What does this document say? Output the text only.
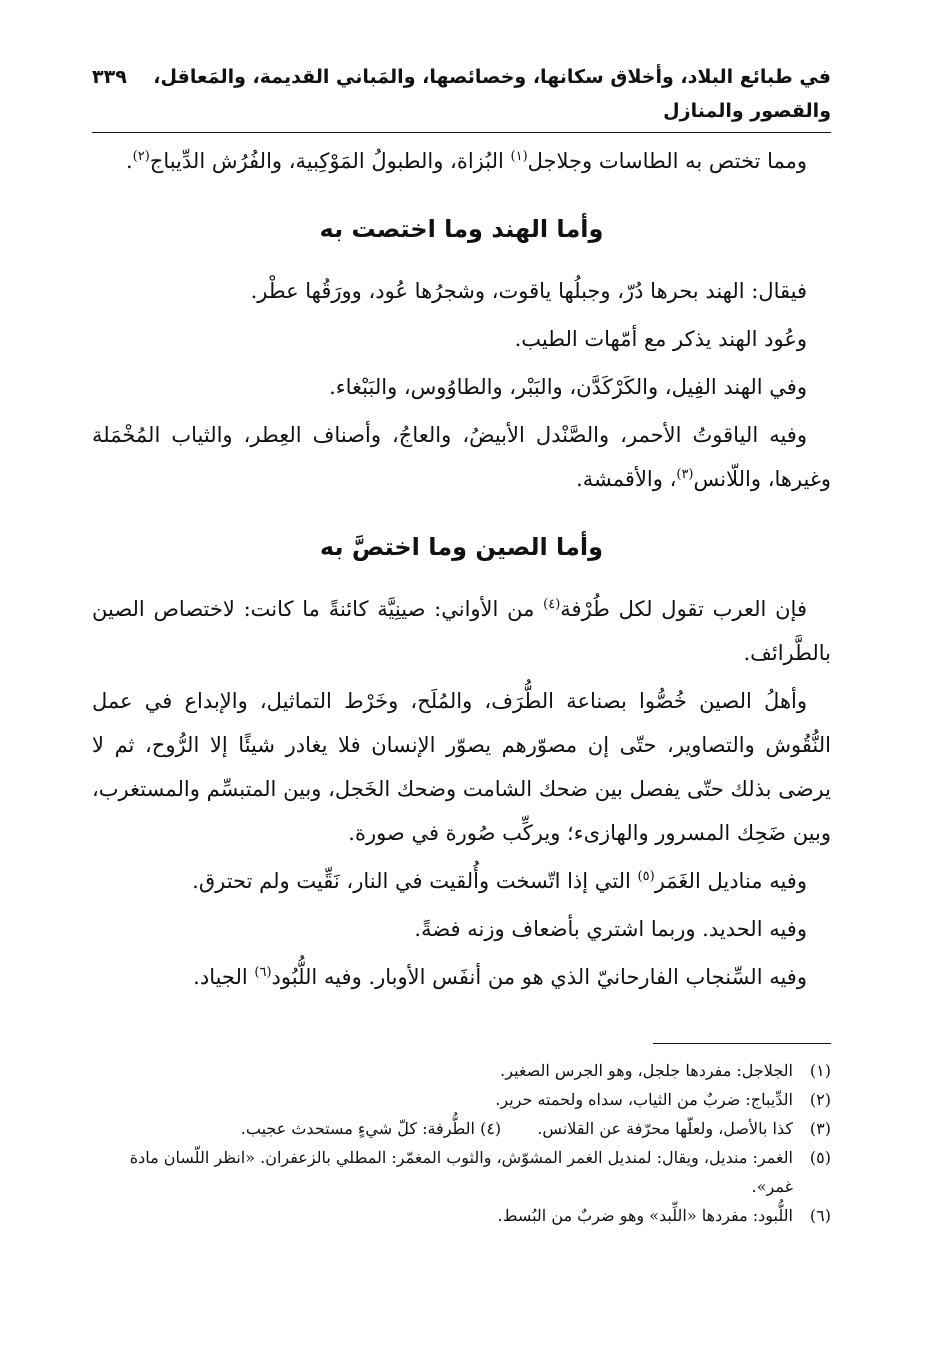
في طبائع البلاد، وأخلاق سكانها، وخصائصها، والمَباني القديمة، والمَعاقل، والقصور والمنازل
٣٣٩

ومما تختص به الطاسات وجلاجل$^{(١)}$ البُزاة، والطبولُ المَوْكِبية، والفُرُش الدِّيباج$^{(٢)}$.

وأما الهند وما اختصت به

فيقال: الهند بحرها دُرّ، وجبلُها ياقوت، وشجرُها عُود، وورَقُها عطْر.

وعُود الهند يذكر مع أمّهات الطيب.

وفي الهند الفِيل، والكَرْكَدَّن، والبَبْر، والطاوُوس، والبَبْغاء.

وفيه الياقوتُ الأحمر، والصَّنْدل الأبيضُ، والعاجُ، وأصناف العِطر، والثياب المُخْمَلة وغيرها، واللّانس$^{(٣)}$، والأقمشة.

وأما الصين وما اختصَّ به

فإن العرب تقول لكل طُرْفة$^{(٤)}$ من الأواني: صينِيَّة كائنةً ما كانت: لاختصاص الصين بالطَّرائف.

وأهلُ الصين خُصُّوا بصناعة الطُّرَف، والمُلَح، وخَرْط التماثيل، والإبداع في عمل النُّقُوش والتصاوير، حتّى إن مصوّرهم يصوّر الإنسان فلا يغادر شيئًا إلا الرُّوح، ثم لا يرضى بذلك حتّى يفصل بين ضحك الشامت وضحك الخَجل، وبين المتبسِّم والمستغرب، وبين ضَحِك المسرور والهازىء؛ ويركِّب صُورة في صورة.

وفيه مناديل الغَمَر$^{(٥)}$ التي إذا اتّسخت وأُلقيت في النار، نَقِّيت ولم تحترق.

وفيه الحديد. وربما اشتري بأضعاف وزنه فضةً.

وفيه السِّنجاب الفارحانيّ الذي هو من أنفَس الأوبار. وفيه اللُّبُود$^{(٦)}$ الجياد.

(١)
الجلاجل: مفردها جلجل، وهو الجرس الصغير.
(٢)
الدِّيباج: ضربٌ من الثياب، سداه ولحمته حرير.
(٣)
كذا بالأصل، ولعلّها محرّفة عن القلانس.  (٤) الطُّرفة: كلّ شيءٍ مستحدث عجيب.
(٥)
الغمر: منديل، ويقال: لمنديل الغمر المشوّش، والثوب المغمّر: المطلي بالزعفران. «انظر اللّسان مادة غمر».
(٦)
اللُّبود: مفردها «اللِّبد» وهو ضربٌ من البُسط.
